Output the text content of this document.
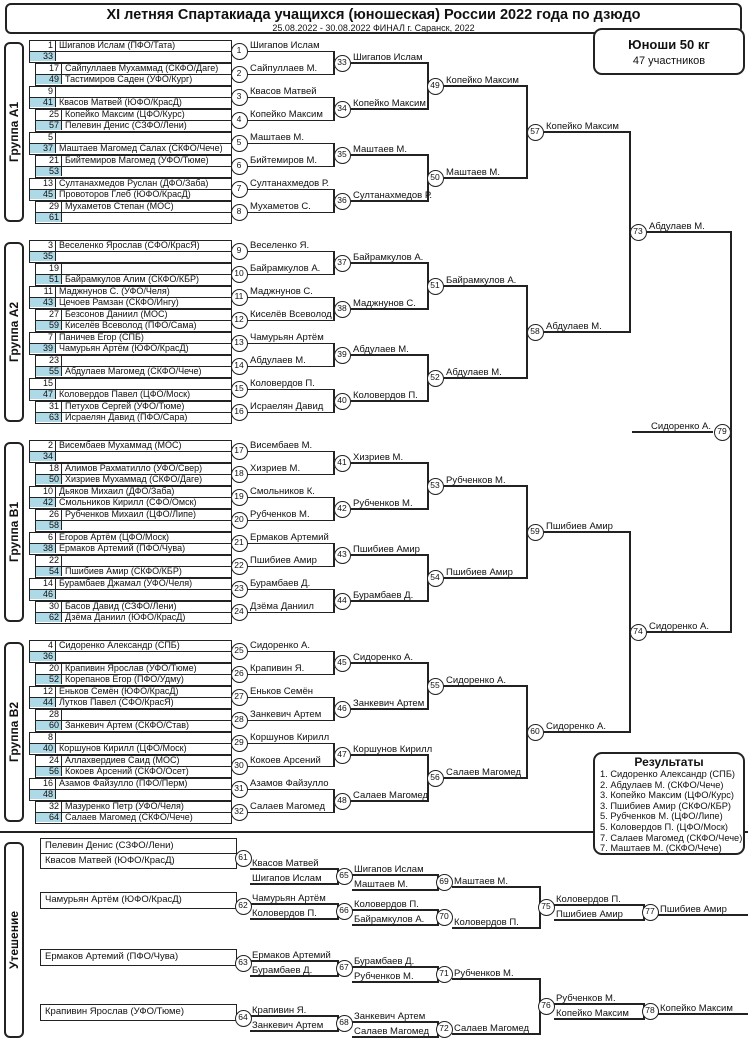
XI летняя Спартакиада учащихся (юношеская) России 2022 года по дзюдо
25.08.2022 - 30.08.2022 ФИНАЛ г. Саранск, 2022
Юноши 50 кг
47 участников
Результаты
1. Сидоренко Александр (СПБ)
2. Абдулаев М. (СКФО/Чече)
3. Копейко Максим (ЦФО/Курс)
3. Пшибиев Амир (СКФО/КБР)
5. Рубченков М. (ЦФО/Липе)
5. Коловердов П. (ЦФО/Моск)
7. Салаев Магомед (СКФО/Чече)
7. Маштаев М. (СКФО/Чече)
Группа А1
1 Шигапов Ислам (ПФО/Тата)
33
17 Сайпуллаев Мухаммад (СКФО/Даге)
49 Тастимиров Саден (УФО/Кург)
9
41 Квасов Матвей (ЮФО/КрасД)
25 Копейко Максим (ЦФО/Курс)
57 Пелевин Денис (СЗФО/Лени)
5
37 Маштаев Магомед Салах (СКФО/Чече)
21 Бийтемиров Магомед (УФО/Тюме)
53
13 Султанахмедов Руслан (ДФО/Заба)
45 Провоторов Глеб (ЮФО/КрасД)
29 Мухаметов Степан (МОС)
61
1 Шигапов Ислам
2 Сайпуллаев М.
3 Квасов Матвей
4 Копейко Максим
5 Маштаев М.
6 Бийтемиров М.
7 Султанахмедов Р.
8 Мухаметов С.
33 Шигапов Ислам
34 Копейко Максим
35 Маштаев М.
36 Султанахмедов Р.
49 Копейко Максим
50 Маштаев М.
57 Копейко Максим
Группа А2
3 Веселенко Ярослав (СФО/КрасЯ)
35
19
51 Байрамкулов Алим (СКФО/КБР)
11 Маджнунов С. (УФО/Челя)
43 Цечоев Рамзан (СКФО/Ингу)
27 Безсонов Даниил (МОС)
59 Киселёв Всеволод (ПФО/Сама)
7 Паничев Егор (СПБ)
39 Чамурьян Артём (ЮФО/КрасД)
23
55 Абдулаев Магомед (СКФО/Чече)
15
47 Коловердов Павел (ЦФО/Моск)
31 Петухов Сергей (УФО/Тюме)
63 Исраелян Давид (ПФО/Сара)
9 Веселенко Я.
10 Байрамкулов А.
11 Маджнунов С.
12 Киселёв Всеволод
13 Чамурьян Артём
14 Абдулаев М.
15 Коловердов П.
16 Исраелян Давид
37 Байрамкулов А.
38 Маджнунов С.
39 Абдулаев М.
40 Коловердов П.
51 Байрамкулов А.
52 Абдулаев М.
58 Абдулаев М.
Группа В1
2 Висембаев Мухаммад (МОС)
34
18 Алимов Рахматилло (УФО/Свер)
50 Хизриев Мухаммад (СКФО/Даге)
10 Дьяков Михаил (ДФО/Заба)
42 Смольников Кирилл (СФО/Омск)
26 Рубченков Михаил (ЦФО/Липе)
58
6 Егоров Артём (ЦФО/Моск)
38 Ермаков Артемий (ПФО/Чува)
22
54 Пшибиев Амир (СКФО/КБР)
14 Бурамбаев Джамал (УФО/Челя)
46
30 Басов Давид (СЗФО/Лени)
62 Дзёма Даниил (ЮФО/КрасД)
17 Висембаев М.
18 Хизриев М.
19 Смольников К.
20 Рубченков М.
21 Ермаков Артемий
22 Пшибиев Амир
23 Бурамбаев Д.
24 Дзёма Даниил
41 Хизриев М.
42 Рубченков М.
43 Пшибиев Амир
44 Бурамбаев Д.
53 Рубченков М.
54 Пшибиев Амир
59 Пшибиев Амир
Группа В2
4 Сидоренко Александр (СПБ)
36
20 Крапивин Ярослав (УФО/Тюме)
52 Корепанов Егор (ПФО/Удму)
12 Еньков Семён (ЮФО/КрасД)
44 Лутков Павел (СФО/КрасЯ)
28
60 Занкевич Артем (СКФО/Став)
8
40 Коршунов Кирилл (ЦФО/Моск)
24 Аллахвердиев Саид (МОС)
56 Кокоев Арсений (СКФО/Осет)
16 Азамов Файзулло (ПФО/Перм)
48
32 Мазуренко Петр (УФО/Челя)
64 Салаев Магомед (СКФО/Чече)
25 Сидоренко А.
26 Крапивин Я.
27 Еньков Семён
28 Занкевич Артем
29 Коршунов Кирилл
30 Кокоев Арсений
31 Азамов Файзулло
32 Салаев Магомед
45 Сидоренко А.
46 Занкевич Артем
47 Коршунов Кирилл
48 Салаев Магомед
55 Сидоренко А.
56 Салаев Магомед
60 Сидоренко А.
73 Абдулаев М.
74 Сидоренко А.
Сидоренко А. 79
Утешение
Пелевин Денис (СЗФО/Лени)
Квасов Матвей (ЮФО/КрасД)	61
Квасов Матвей
Шигапов Ислам	65
Шигапов Ислам
Маштаев М.	69 Маштаев М.
Чамурьян Артём (ЮФО/КрасД)	62
Чамурьян Артём
Коловердов П.	66
Коловердов П.
Байрамкулов А.	70
Коловердов П.
Ермаков Артемий (ПФО/Чува)	63
Ермаков Артемий
Бурамбаев Д.	67
Бурамбаев Д.
Рубченков М.	71 Рубченков М.
Крапивин Ярослав (УФО/Тюме)	64
Крапивин Я.
Занкевич Артем	68
Занкевич Артем
Салаев Магомед	72 Салаев Магомед
75
Коловердов П.
Пшибиев Амир	77 Пшибиев Амир
76
Рубченков М.
Копейко Максим	78 Копейко Максим
